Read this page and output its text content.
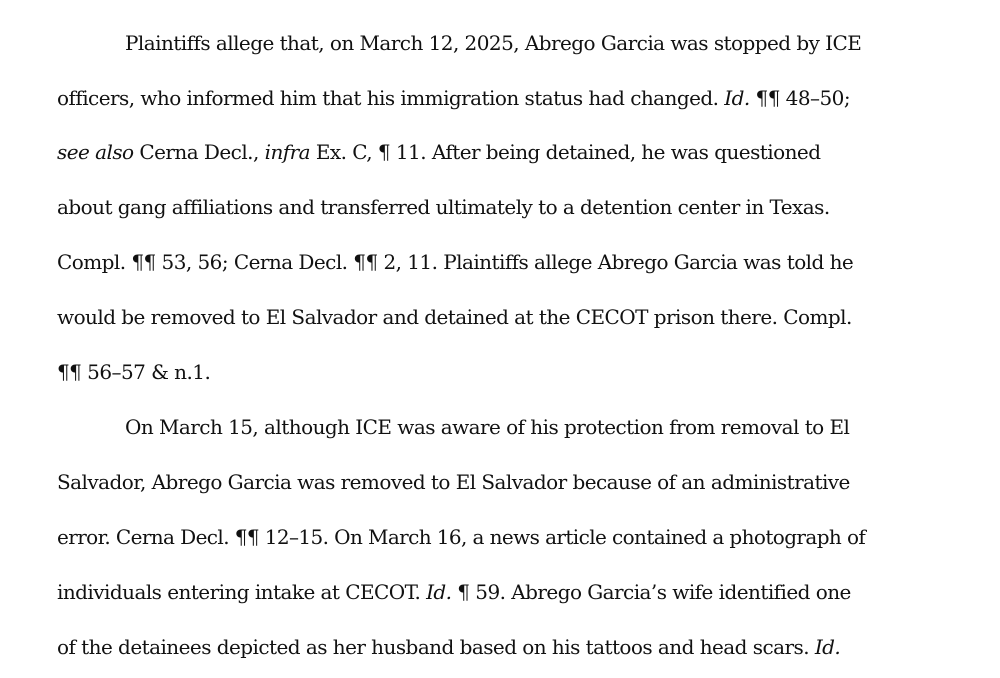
Plaintiffs allege that, on March 12, 2025, Abrego Garcia was stopped by ICE
officers, who informed him that his immigration status had changed. Id. ¶¶ 48–50;
see also Cerna Decl., infra Ex. C, ¶ 11. After being detained, he was questioned
about gang affiliations and transferred ultimately to a detention center in Texas.
Compl. ¶¶ 53, 56; Cerna Decl. ¶¶ 2, 11. Plaintiffs allege Abrego Garcia was told he
would be removed to El Salvador and detained at the CECOT prison there. Compl.
¶¶ 56–57 & n.1.
On March 15, although ICE was aware of his protection from removal to El
Salvador, Abrego Garcia was removed to El Salvador because of an administrative
error. Cerna Decl. ¶¶ 12–15. On March 16, a news article contained a photograph of
individuals entering intake at CECOT. Id. ¶ 59. Abrego Garcia’s wife identified one
of the detainees depicted as her husband based on his tattoos and head scars. Id.
